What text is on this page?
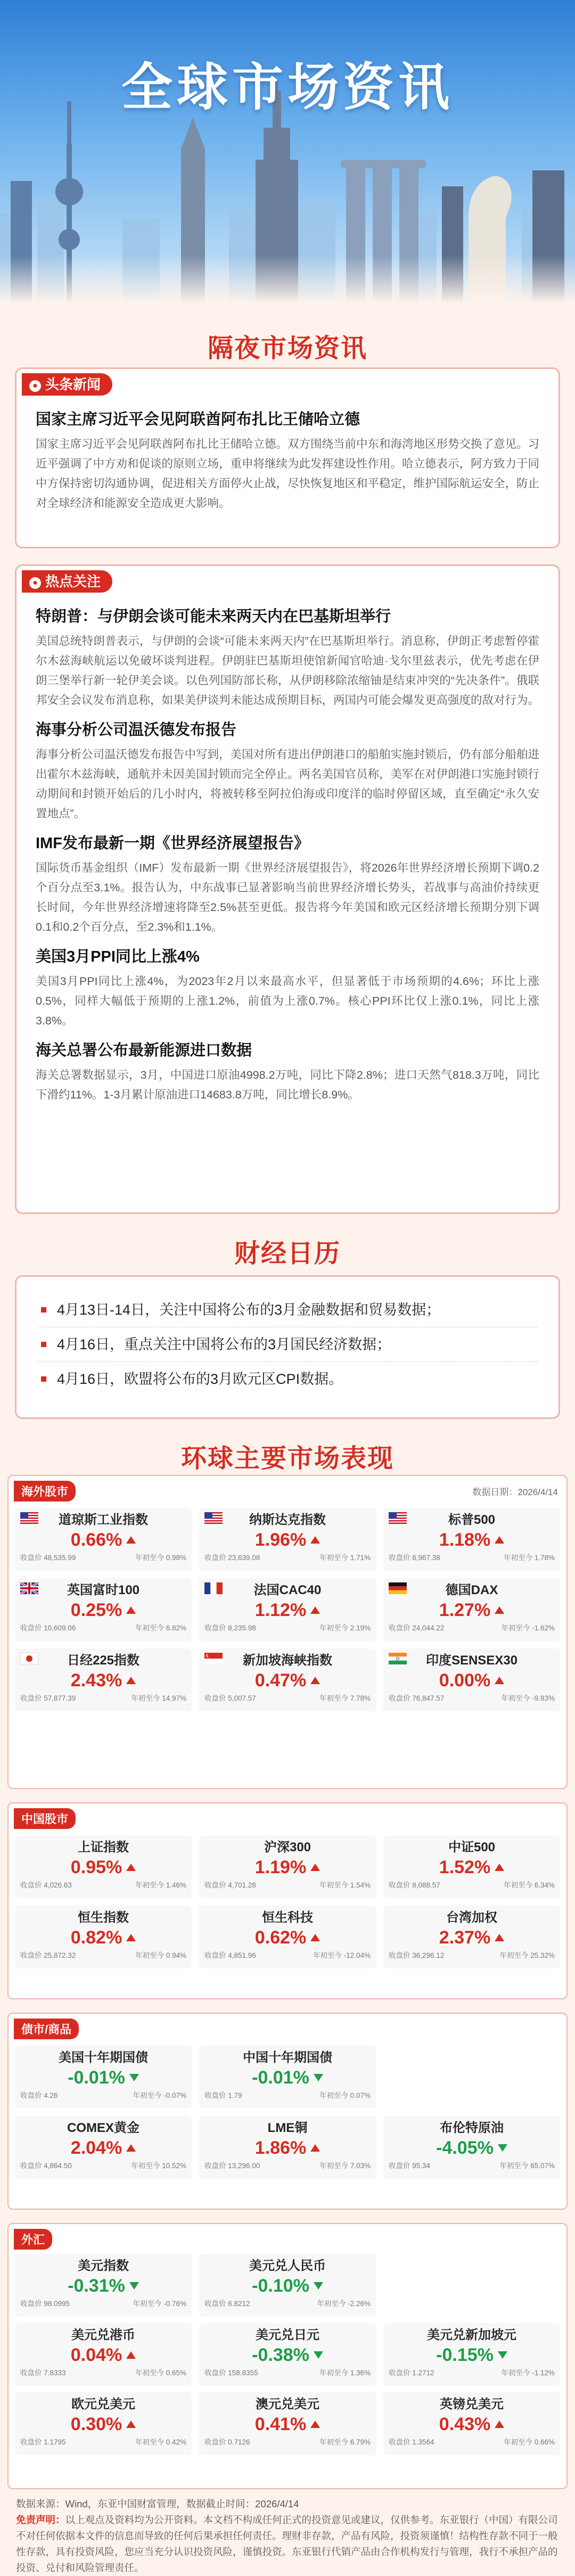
全球市场资讯
隔夜市场资讯
● 头条新闻
国家主席习近平会见阿联酋阿布扎比王储哈立德
国家主席习近平会见阿联酋阿布扎比王储哈立德。双方围绕当前中东和海湾地区形势交换了意见。习近平强调了中方劝和促谈的原则立场，重申将继续为此发挥建设性作用。哈立德表示，阿方致力于同中方保持密切沟通协调，促进相关方面停火止战，尽快恢复地区和平稳定，维护国际航运安全，防止对全球经济和能源安全造成更大影响。
● 热点关注
特朗普：与伊朗会谈可能未来两天内在巴基斯坦举行
美国总统特朗普表示，与伊朗的会谈“可能未来两天内”在巴基斯坦举行。消息称，伊朗正考虑暂停霍尔木兹海峡航运以免破坏谈判进程。伊朗驻巴基斯坦使馆新闻官哈迪·戈尔里兹表示，优先考虑在伊朗三堡举行新一轮伊美会谈。以色列国防部长称，从伊朗移除浓缩铀是结束冲突的“先决条件”。俄联邦安全会议发布消息称，如果美伊谈判未能达成预期目标，两国内可能会爆发更高强度的敌对行为。
海事分析公司温沃德发布报告
海事分析公司温沃德发布报告中写到，美国对所有进出伊朗港口的船舶实施封锁后，仍有部分船舶进出霍尔木兹海峡，通航并未因美国封锁而完全停止。两名美国官员称，美军在对伊朗港口实施封锁行动期间和封锁开始后的几小时内，将被转移至阿拉伯海或印度洋的临时停留区域，直至确定“永久安置地点”。
IMF发布最新一期《世界经济展望报告》
国际货币基金组织（IMF）发布最新一期《世界经济展望报告》，将2026年世界经济增长预期下调0.2个百分点至3.1%。报告认为，中东战事已显著影响当前世界经济增长势头，若战事与高油价持续更长时间，今年世界经济增速将降至2.5%甚至更低。报告将今年美国和欧元区经济增长预期分别下调0.1和0.2个百分点，至2.3%和1.1%。
美国3月PPI同比上涨4%
美国3月PPI同比上涨4%，为2023年2月以来最高水平，但显著低于市场预期的4.6%；环比上涨0.5%，同样大幅低于预期的上涨1.2%，前值为上涨0.7%。核心PPI环比仅上涨0.1%，同比上涨3.8%。
海关总署公布最新能源进口数据
海关总署数据显示，3月，中国进口原油4998.2万吨，同比下降2.8%；进口天然气818.3万吨，同比下滑约11%。1-3月累计原油进口14683.8万吨，同比增长8.9%。
财经日历
4月13日-14日，关注中国将公布的3月金融数据和贸易数据；
4月16日，重点关注中国将公布的3月国民经济数据；
4月16日，欧盟将公布的3月欧元区CPI数据。
环球主要市场表现
海外股市	数据日期：2026/4/14
道琼斯工业指数
0.66%
收盘价 48,535.99	年初至今 0.98%
纳斯达克指数
1.96%
收盘价 23,639.08	年初至今 1.71%
标普500
1.18%
收盘价 6,967.38	年初至今 1.78%
英国富时100
0.25%
收盘价 10,609.06	年初至今 6.82%
法国CAC40
1.12%
收盘价 8,235.98	年初至今 2.19%
德国DAX
1.27%
收盘价 24,044.22	年初至今 -1.62%
日经225指数
2.43%
收盘价 57,877.39	年初至今 14.97%
新加坡海峡指数
0.47%
收盘价 5,007.57	年初至今 7.78%
印度SENSEX30
0.00%
收盘价 76,847.57	年初至今 -9.83%
中国股市
上证指数
0.95%
收盘价 4,026.63	年初至今 1.46%
沪深300
1.19%
收盘价 4,701.28	年初至今 1.54%
中证500
1.52%
收盘价 8,088.57	年初至今 6.34%
恒生指数
0.82%
收盘价 25,872.32	年初至今 0.94%
恒生科技
0.62%
收盘价 4,851.96	年初至今 -12.04%
台湾加权
2.37%
收盘价 36,296.12	年初至今 25.32%
债市/商品
美国十年期国债
-0.01%
收盘价 4.26	年初至今 -0.07%
中国十年期国债
-0.01%
收盘价 1.79	年初至今 0.07%
COMEX黄金
2.04%
收盘价 4,864.50	年初至今 10.52%
LME铜
1.86%
收盘价 13,296.00	年初至今 7.03%
布伦特原油
-4.05%
收盘价 95.34	年初至今 65.07%
外汇
美元指数
-0.31%
收盘价 98.0995	年初至今 -0.76%
美元兑人民币
-0.10%
收盘价 6.8212	年初至今 -2.26%
美元兑港币
0.04%
收盘价 7.8333	年初至今 0.65%
美元兑日元
-0.38%
收盘价 158.8355	年初至今 1.36%
美元兑新加坡元
-0.15%
收盘价 1.2712	年初至今 -1.12%
欧元兑美元
0.30%
收盘价 1.1795	年初至今 0.42%
澳元兑美元
0.41%
收盘价 0.7126	年初至今 6.79%
英镑兑美元
0.43%
收盘价 1.3564	年初至今 0.66%
数据来源：Wind，东亚中国财富管理，数据截止时间：2026/4/14
免责声明：以上观点及资料均为公开资料。本文档不构成任何正式的投资意见或建议，仅供参考。东亚银行（中国）有限公司不对任何依据本文件的信息而导致的任何后果承担任何责任。理财非存款，产品有风险，投资须谨慎！结构性存款不同于一般性存款，具有投资风险，您应当充分认识投资风险，谨慎投资。东亚银行代销产品由合作机构发行与管理，我行不承担产品的投资、兑付和风险管理责任。
